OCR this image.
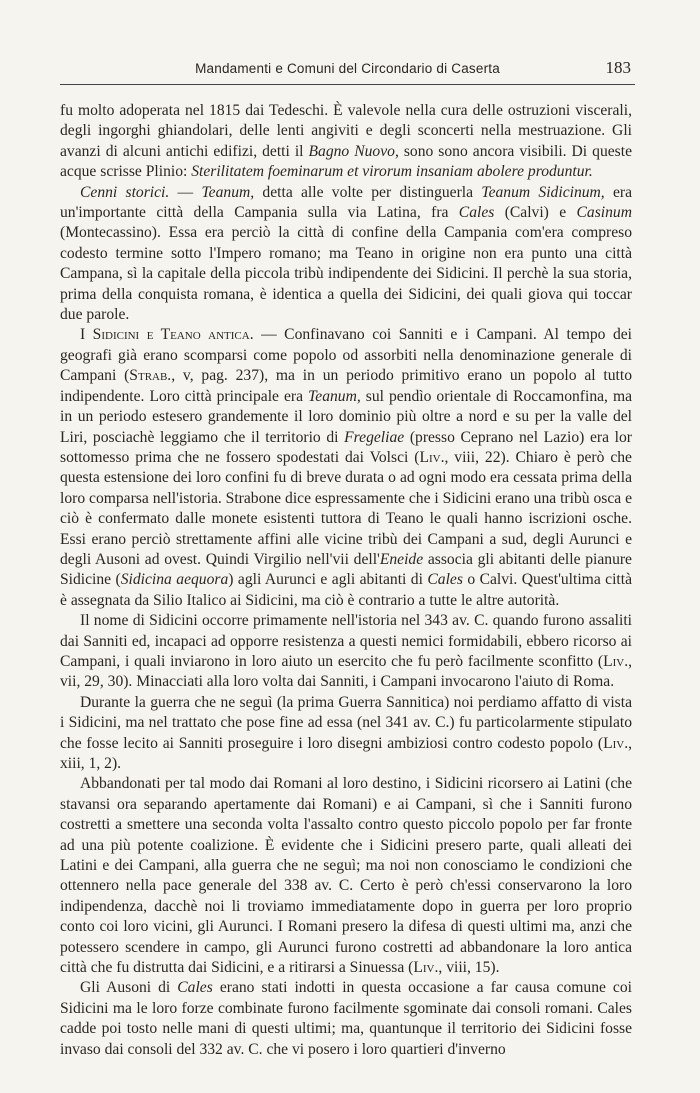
Mandamenti e Comuni del Circondario di Caserta	183

fu molto adoperata nel 1815 dai Tedeschi. È valevole nella cura delle ostruzioni viscerali, degli ingorghi ghiandolari, delle lenti angiviti e degli sconcerti nella mestruazione. Gli avanzi di alcuni antichi edifizi, detti il Bagno Nuovo, sono sono ancora visibili. Di queste acque scrisse Plinio: Sterilitatem foeminarum et virorum insaniam abolere produntur.

Cenni storici. — Teanum, detta alle volte per distinguerla Teanum Sidicinum, era un'importante città della Campania sulla via Latina, fra Cales (Calvi) e Casinum (Montecassino). Essa era perciò la città di confine della Campania com'era compreso codesto termine sotto l'Impero romano; ma Teano in origine non era punto una città Campana, sì la capitale della piccola tribù indipendente dei Sidicini. Il perchè la sua storia, prima della conquista romana, è identica a quella dei Sidicini, dei quali giova qui toccar due parole.

I Sidicini e Teano antica. — Confinavano coi Sanniti e i Campani. Al tempo dei geografi già erano scomparsi come popolo od assorbiti nella denominazione generale di Campani (Strab., v, pag. 237), ma in un periodo primitivo erano un popolo al tutto indipendente. Loro città principale era Teanum, sul pendìo orientale di Roccamonfina, ma in un periodo estesero grandemente il loro dominio più oltre a nord e su per la valle del Liri, posciachè leggiamo che il territorio di Fregeliae (presso Ceprano nel Lazio) era lor sottomesso prima che ne fossero spodestati dai Volsci (Liv., viii, 22). Chiaro è però che questa estensione dei loro confini fu di breve durata o ad ogni modo era cessata prima della loro comparsa nell'istoria. Strabone dice espressamente che i Sidicini erano una tribù osca e ciò è confermato dalle monete esistenti tuttora di Teano le quali hanno iscrizioni osche. Essi erano perciò strettamente affini alle vicine tribù dei Campani a sud, degli Aurunci e degli Ausoni ad ovest. Quindi Virgilio nell'vii dell'Eneide associa gli abitanti delle pianure Sidicine (Sidicina aequora) agli Aurunci e agli abitanti di Cales o Calvi. Quest'ultima città è assegnata da Silio Italico ai Sidicini, ma ciò è contrario a tutte le altre autorità.

Il nome di Sidicini occorre primamente nell'istoria nel 343 av. C. quando furono assaliti dai Sanniti ed, incapaci ad opporre resistenza a questi nemici formidabili, ebbero ricorso ai Campani, i quali inviarono in loro aiuto un esercito che fu però facilmente sconfitto (Liv., vii, 29, 30). Minacciati alla loro volta dai Sanniti, i Campani invocarono l'aiuto di Roma.

Durante la guerra che ne seguì (la prima Guerra Sannitica) noi perdiamo affatto di vista i Sidicini, ma nel trattato che pose fine ad essa (nel 341 av. C.) fu particolarmente stipulato che fosse lecito ai Sanniti proseguire i loro disegni ambiziosi contro codesto popolo (Liv., xiii, 1, 2).

Abbandonati per tal modo dai Romani al loro destino, i Sidicini ricorsero ai Latini (che stavansi ora separando apertamente dai Romani) e ai Campani, sì che i Sanniti furono costretti a smettere una seconda volta l'assalto contro questo piccolo popolo per far fronte ad una più potente coalizione. È evidente che i Sidicini presero parte, quali alleati dei Latini e dei Campani, alla guerra che ne seguì; ma noi non conosciamo le condizioni che ottennero nella pace generale del 338 av. C. Certo è però ch'essi conservarono la loro indipendenza, dacchè noi li troviamo immediatamente dopo in guerra per loro proprio conto coi loro vicini, gli Aurunci. I Romani presero la difesa di questi ultimi ma, anzi che potessero scendere in campo, gli Aurunci furono costretti ad abbandonare la loro antica città che fu distrutta dai Sidicini, e a ritirarsi a Sinuessa (Liv., viii, 15).

Gli Ausoni di Cales erano stati indotti in questa occasione a far causa comune coi Sidicini ma le loro forze combinate furono facilmente sgominate dai consoli romani. Cales cadde poi tosto nelle mani di questi ultimi; ma, quantunque il territorio dei Sidicini fosse invaso dai consoli del 332 av. C. che vi posero i loro quartieri d'inverno
